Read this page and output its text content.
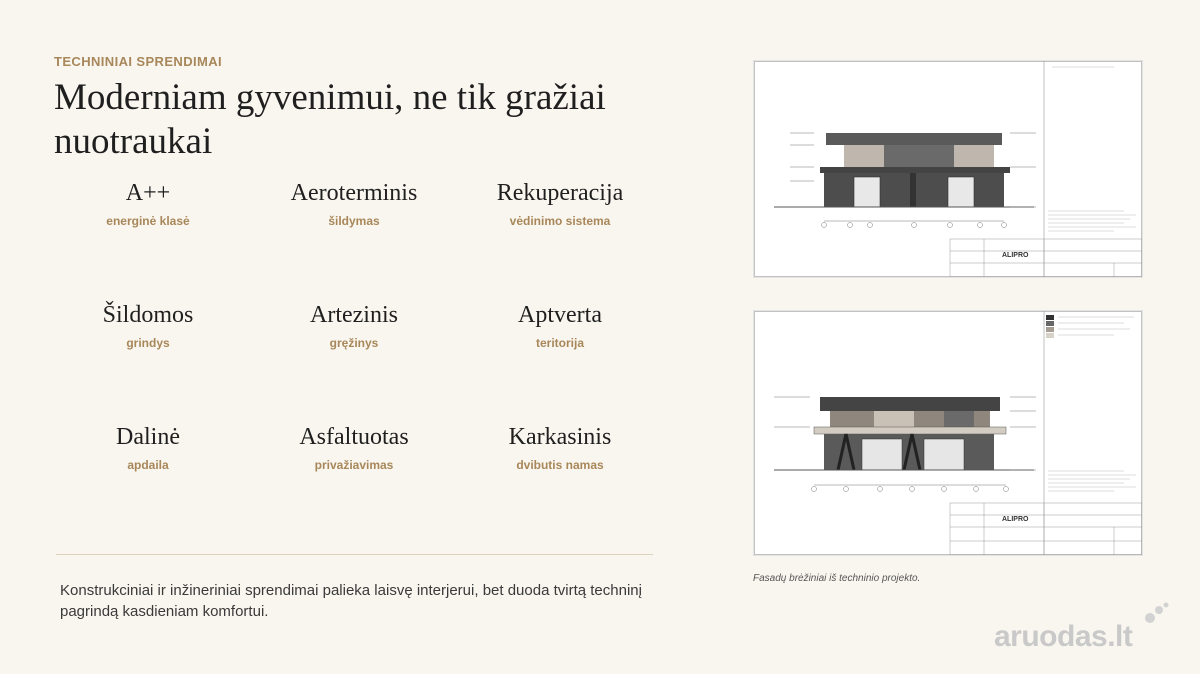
TECHNINIAI SPRENDIMAI
Moderniam gyvenimui, ne tik gražiai nuotraukai
A++
energinė klasė
Aeroterminis
šildymas
Rekuperacija
vėdinimo sistema
Šildomos
grindys
Artezinis
gręžinys
Aptverta
teritorija
Dalinė
apdaila
Asfaltuotas
privažiavimas
Karkasinis
dvibutis namas
Konstrukciniai ir inžineriniai sprendimai palieka laisvę interjerui, bet duoda tvirtą techninį pagrindą kasdieniam komfortui.
ALIPRO
ALIPRO
Fasadų brėžiniai iš techninio projekto.
aruodas.lt
